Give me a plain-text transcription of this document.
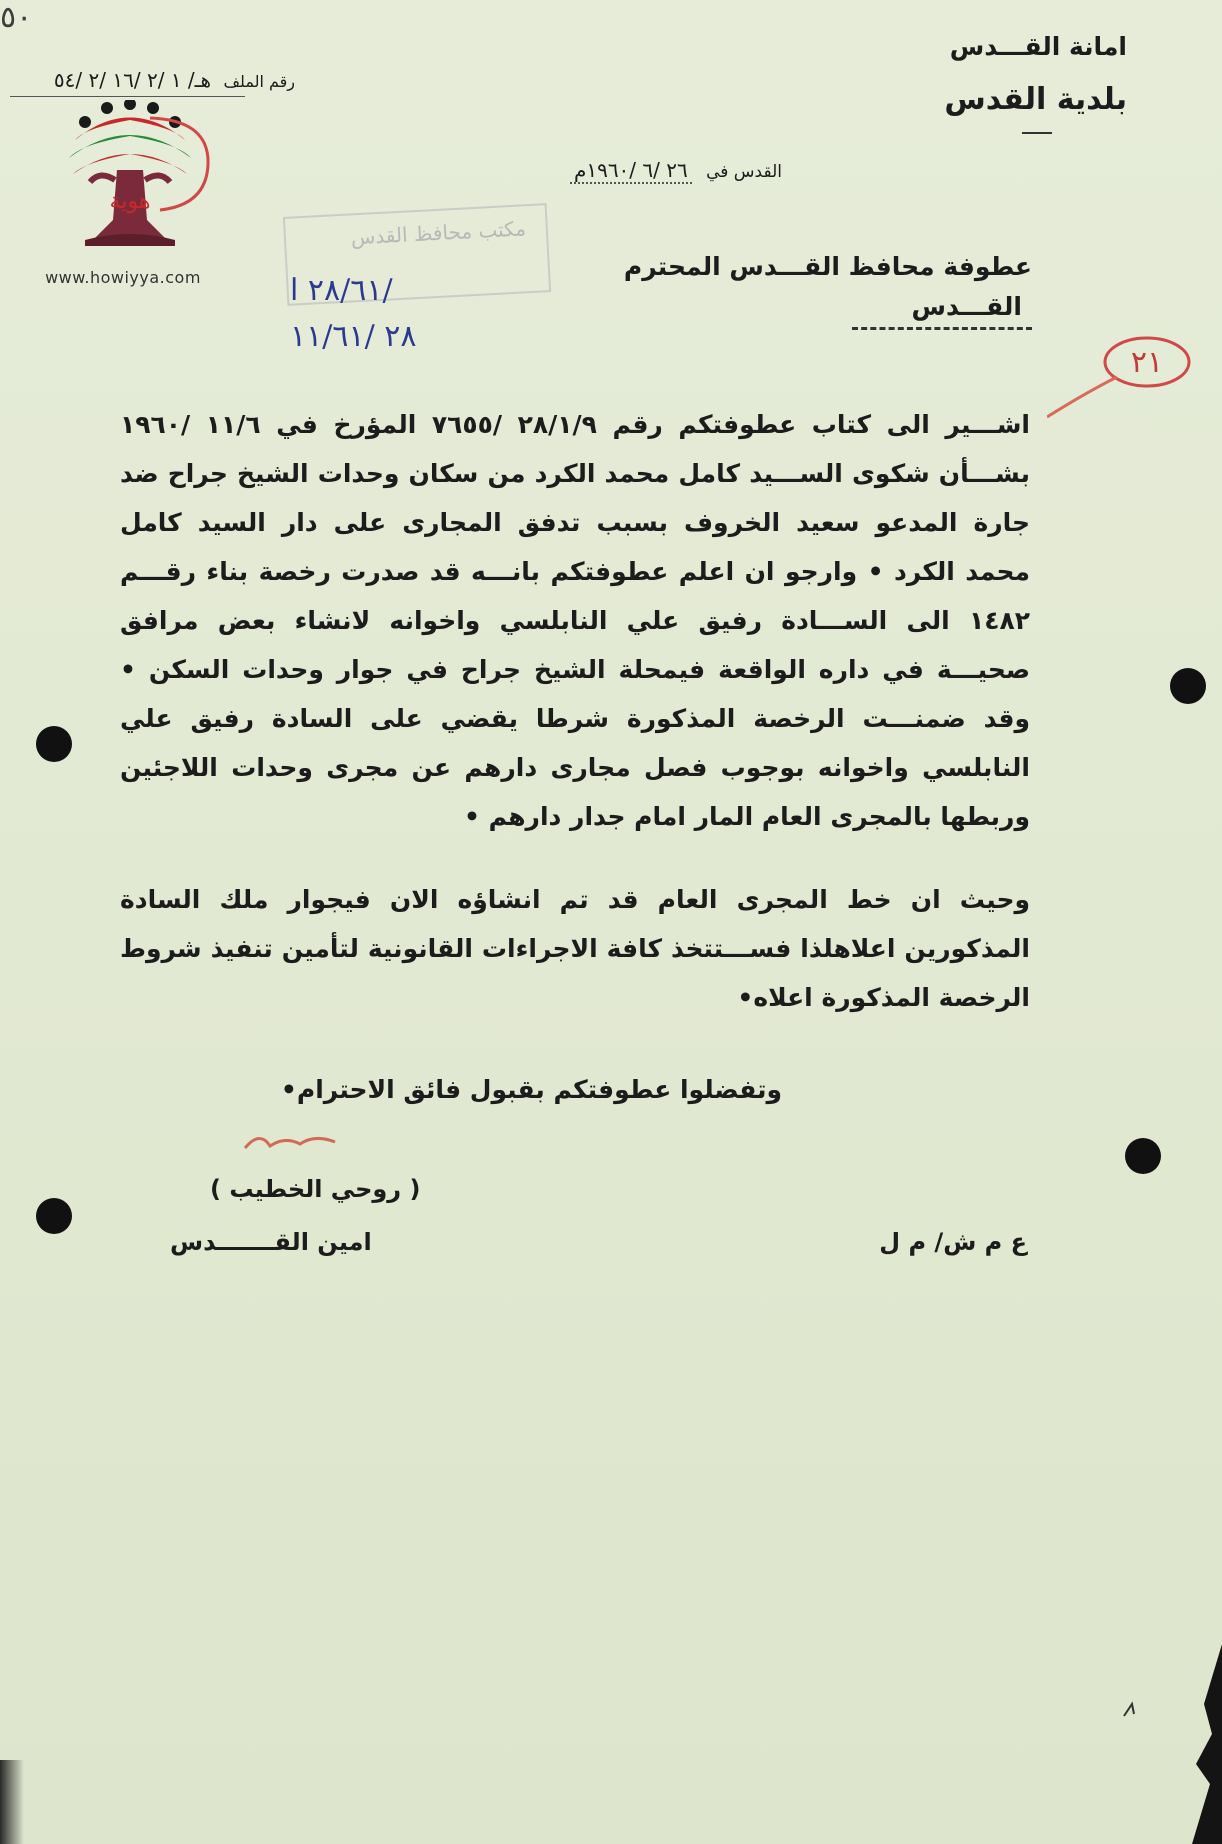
٥٠
رقم الملف هـ/ ١ /٢ /١٦ /٢ /٥٤
هوية
www.howiyya.com
امانة القـــدس
بلدية القدس
القدس في ٢٦ /٦ /١٩٦٠م
مكتب محافظ القدس
٢٨/٦١ ا/
٢٨ /١١/٦١
عطوفة محافظ القـــدس المحترم
القـــدس
٢١
اشـــير الى كتاب عطوفتكم رقم ٢٨/١/٩ /٧٦٥٥ المؤرخ في ١١/٦ /١٩٦٠ بشـــأن شكوى الســـيد كامل محمد الكرد من سكان وحدات الشيخ جراح ضد جارة المدعو سعيد الخروف بسبب تدفق المجارى على دار السيد كامل محمد الكرد • وارجو ان اعلم عطوفتكم بانـــه قد صدرت رخصة بناء رقـــم ١٤٨٢ الى الســـادة رفيق علي النابلسي واخوانه لانشاء بعض مرافق صحيـــة في داره الواقعة فيمحلة الشيخ جراح في جوار وحدات السكن • وقد ضمنـــت الرخصة المذكورة شرطا يقضي على السادة رفيق علي النابلسي واخوانه بوجوب فصل مجارى دارهم عن مجرى وحدات اللاجئين وربطها بالمجرى العام المار امام جدار دارهم •
وحيث ان خط المجرى العام قد تم انشاؤه الان فيجوار ملك السادة المذكورين اعلاهلذا فســـتتخذ كافة الاجراءات القانونية لتأمين تنفيذ شروط الرخصة المذكورة اعلاه•
وتفضلوا عطوفتكم بقبول فائق الاحترام•
( روحي الخطيب )
امين القـــــــدس	ع م ش/ م ل
